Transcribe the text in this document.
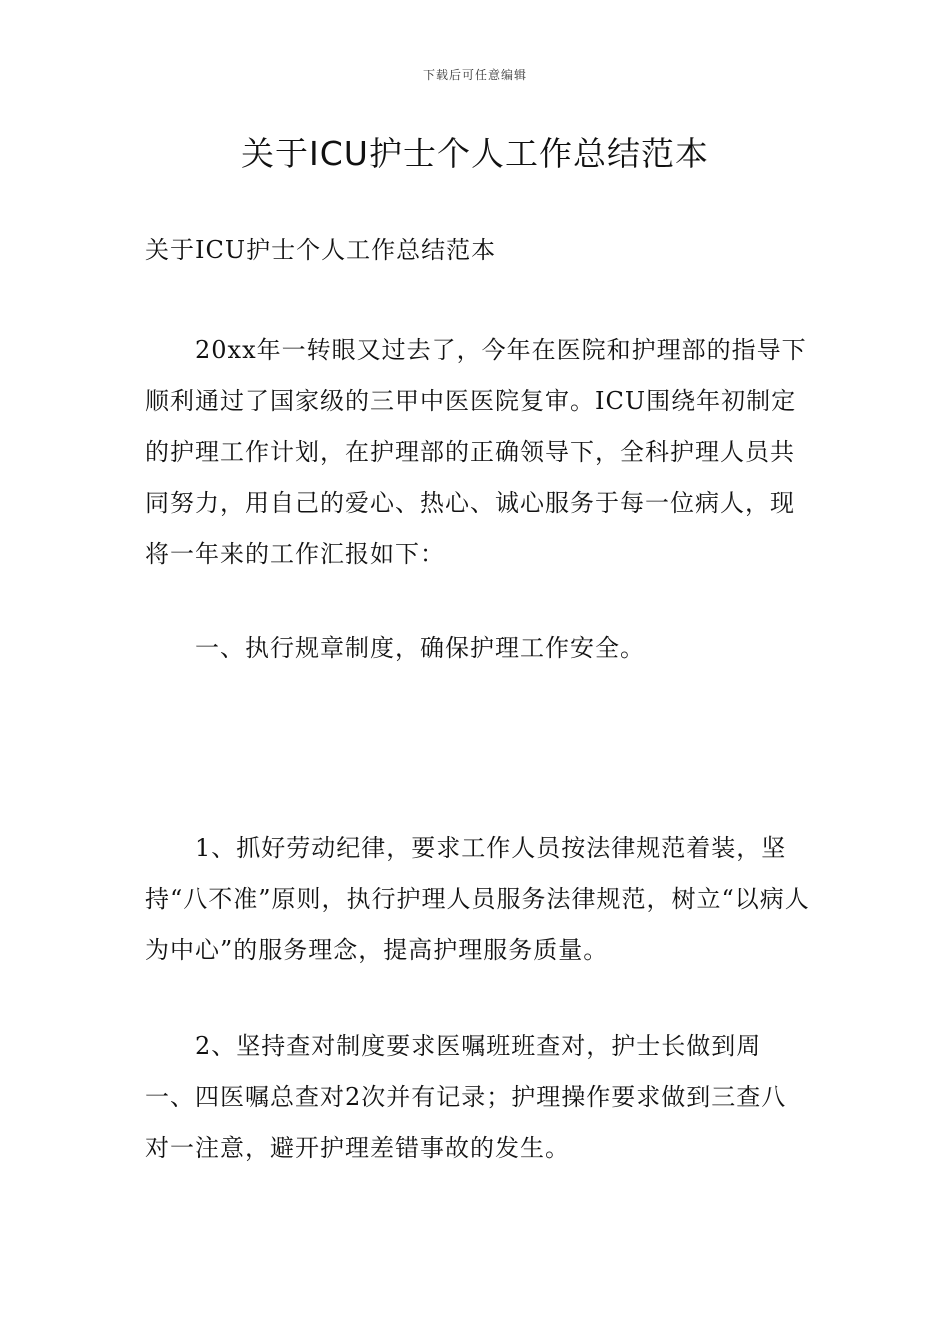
下载后可任意编辑
关于ICU护士个人工作总结范本

关于ICU护士个人工作总结范本

20xx年一转眼又过去了，今年在医院和护理部的指导下顺利通过了国家级的三甲中医医院复审。ICU围绕年初制定的护理工作计划，在护理部的正确领导下，全科护理人员共同努力，用自己的爱心、热心、诚心服务于每一位病人，现将一年来的工作汇报如下：

一、执行规章制度，确保护理工作安全。

1、抓好劳动纪律，要求工作人员按法律规范着装，坚持“八不准”原则，执行护理人员服务法律规范，树立“以病人为中心”的服务理念，提高护理服务质量。

2、坚持查对制度要求医嘱班班查对，护士长做到周一、四医嘱总查对2次并有记录；护理操作要求做到三查八对一注意，避开护理差错事故的发生。
